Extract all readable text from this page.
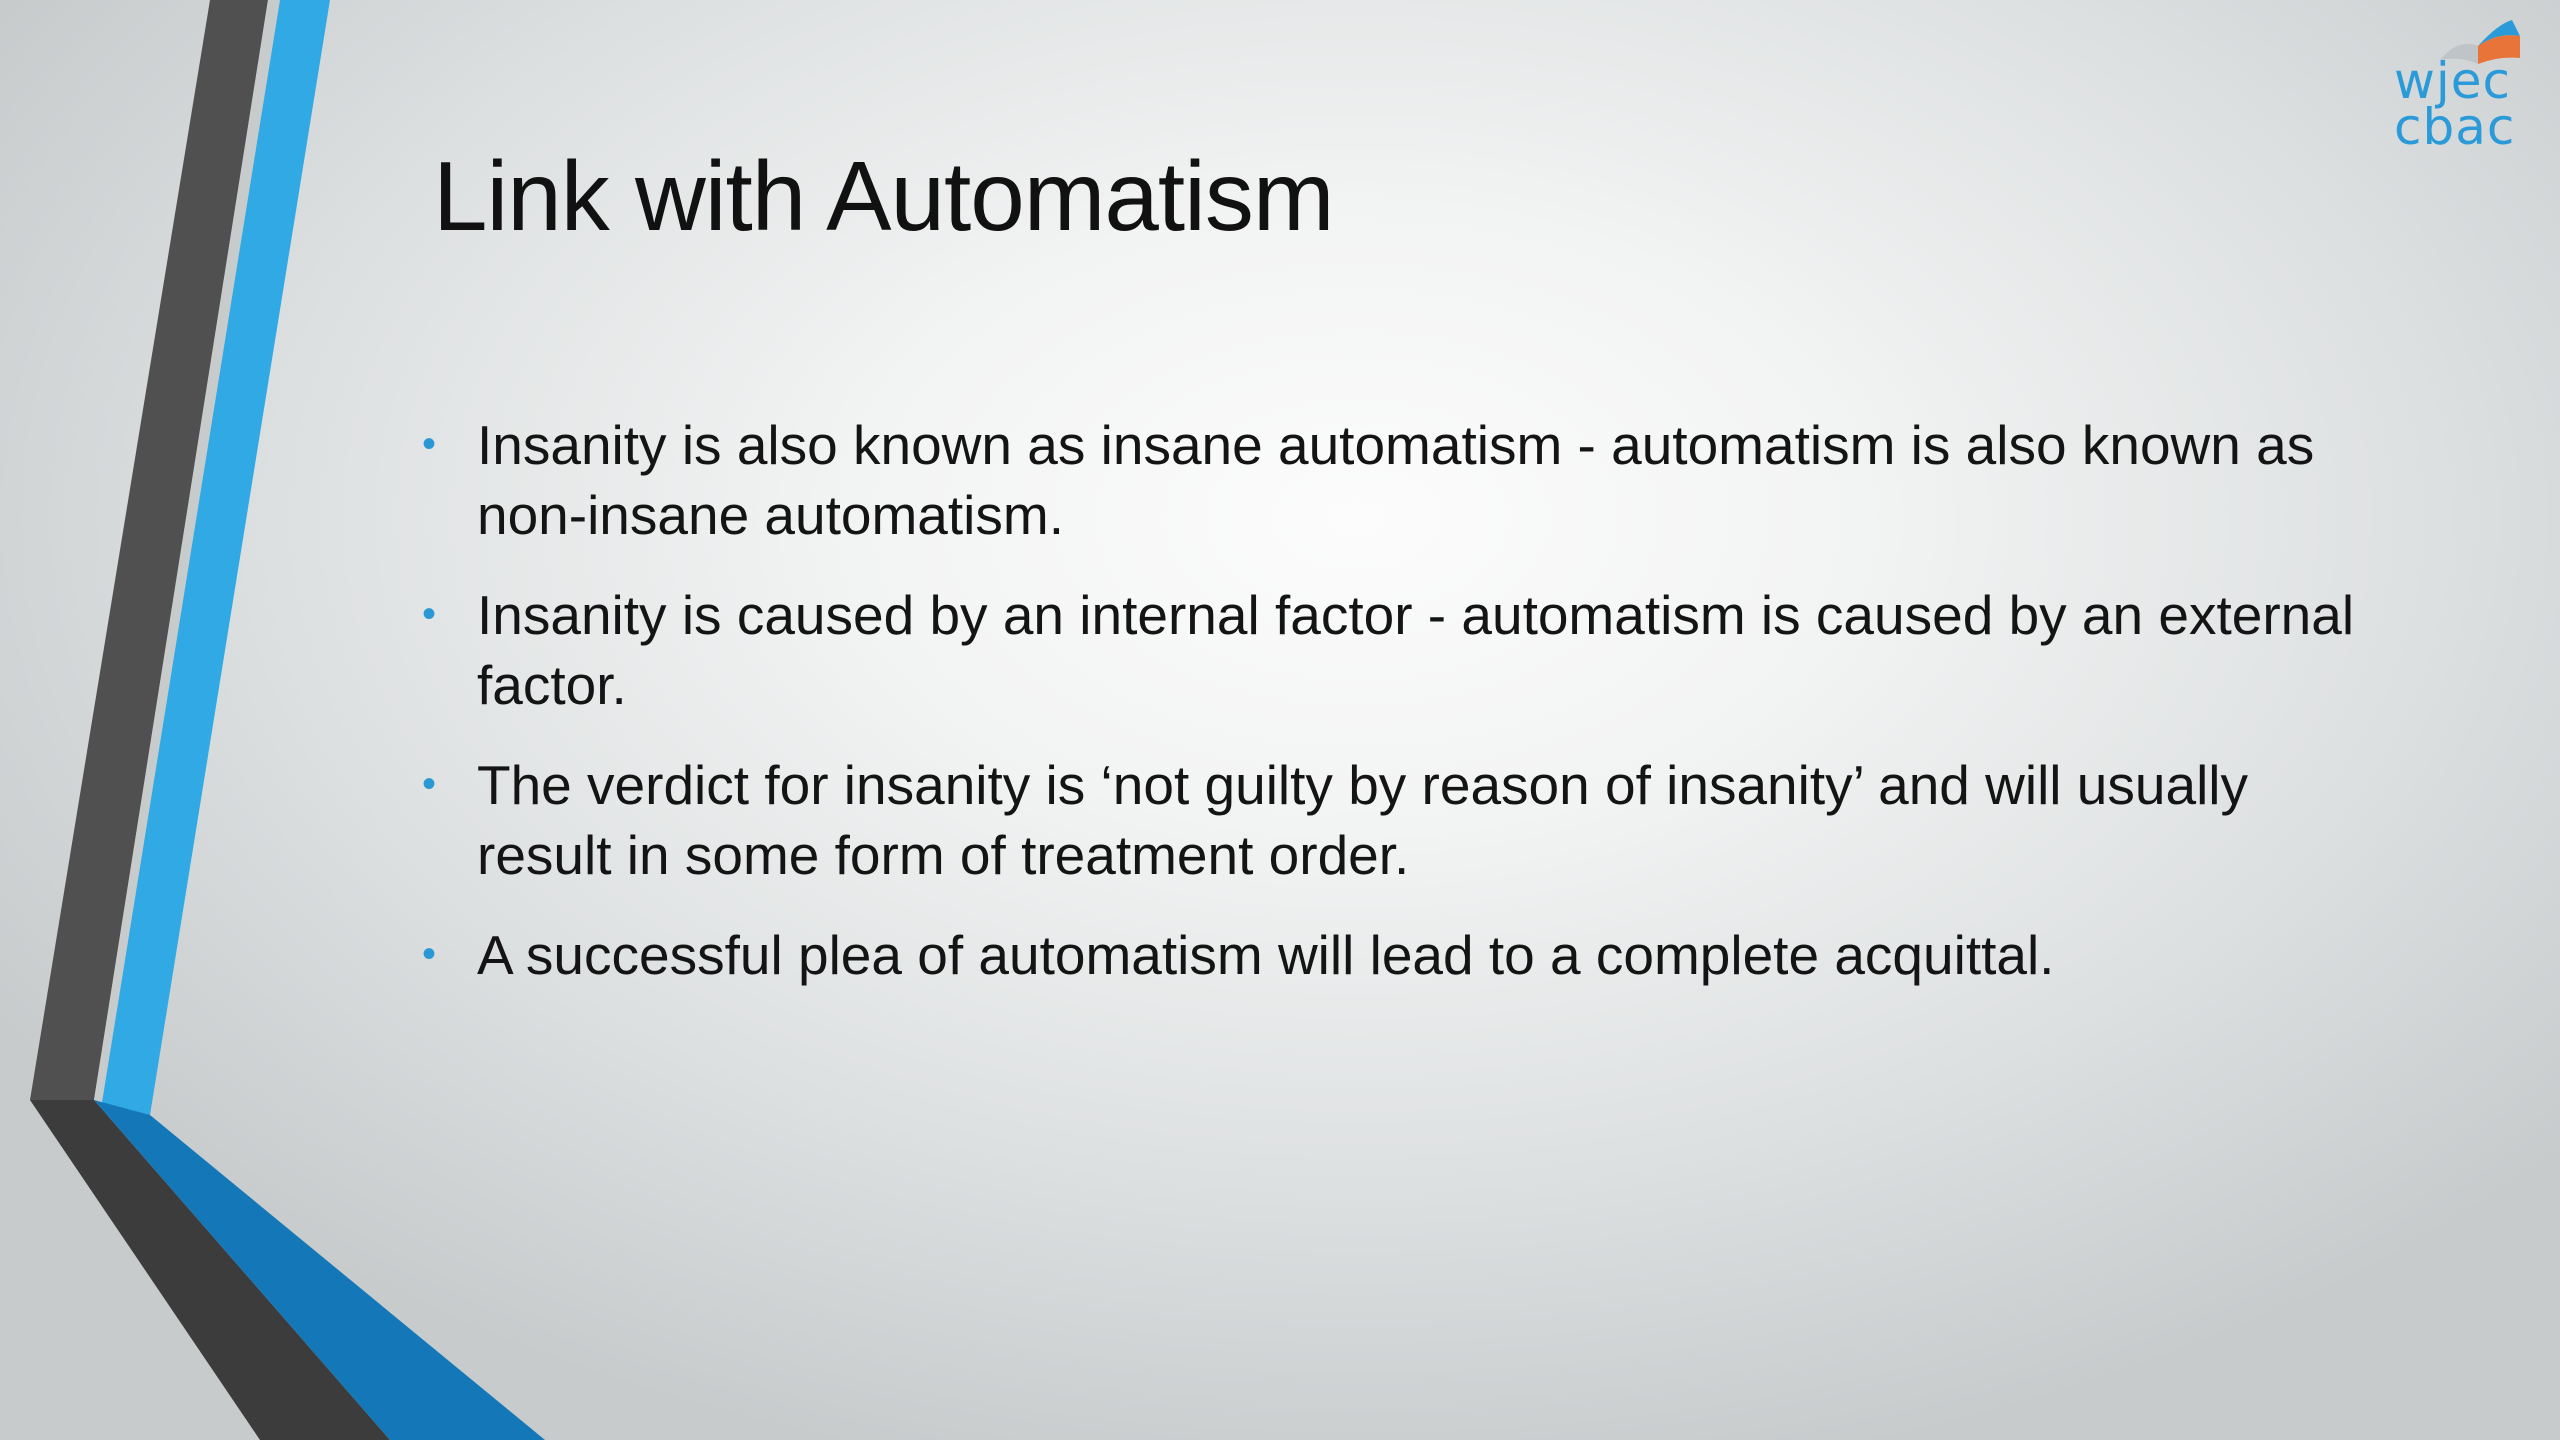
wjec
cbac
Link with Automatism
• Insanity is also known as insane automatism - automatism is also known as non-insane automatism.
• Insanity is caused by an internal factor - automatism is caused by an external factor.
• The verdict for insanity is ‘not guilty by reason of insanity’ and will usually result in some form of treatment order.
• A successful plea of automatism will lead to a complete acquittal.
